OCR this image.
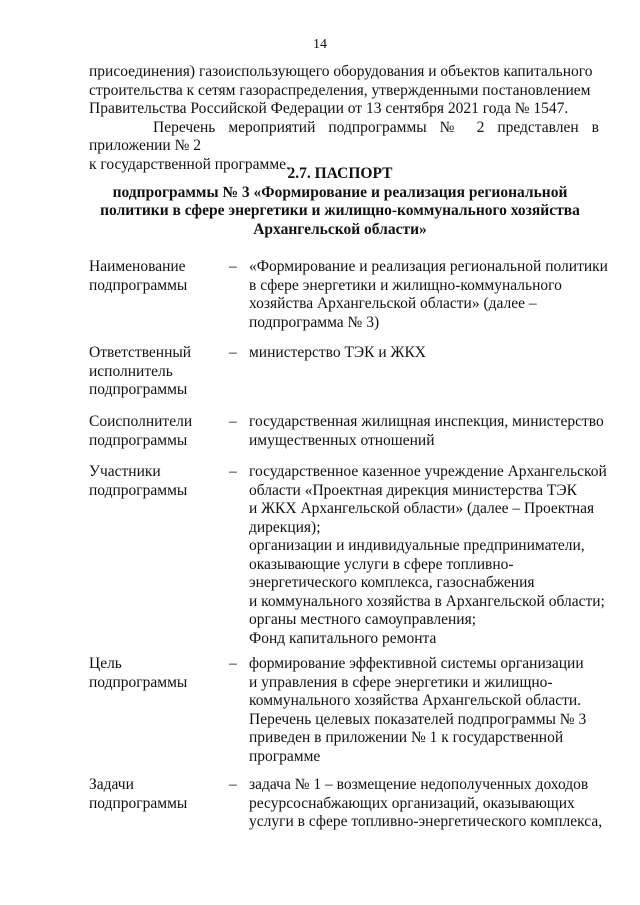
14

присоединения) газоиспользующего оборудования и объектов капитального
строительства к сетям газораспределения, утвержденными постановлением
Правительства Российской Федерации от 13 сентября 2021 года № 1547.

Перечень мероприятий подпрограммы № 2 представлен в приложении № 2
к государственной программе.

2.7. ПАСПОРТ
подпрограммы № 3 «Формирование и реализация региональной
политики в сфере энергетики и жилищно-коммунального хозяйства
Архангельской области»
Наименование
подпрограммы
– «Формирование и реализация региональной политики
в сфере энергетики и жилищно-коммунального
хозяйства Архангельской области» (далее –
подпрограмма № 3)
Ответственный
исполнитель
подпрограммы
– министерство ТЭК и ЖКХ
Соисполнители
подпрограммы
– государственная жилищная инспекция, министерство
имущественных отношений
Участники
подпрограммы
– государственное казенное учреждение Архангельской
области «Проектная дирекция министерства ТЭК
и ЖКХ Архангельской области» (далее – Проектная
дирекция);
организации и индивидуальные предприниматели,
оказывающие услуги в сфере топливно-
энергетического комплекса, газоснабжения
и коммунального хозяйства в Архангельской области;
органы местного самоуправления;
Фонд капитального ремонта
Цель
подпрограммы
– формирование эффективной системы организации
и управления в сфере энергетики и жилищно-
коммунального хозяйства Архангельской области.
Перечень целевых показателей подпрограммы № 3
приведен в приложении № 1 к государственной
программе
Задачи
подпрограммы
– задача № 1 – возмещение недополученных доходов
ресурсоснабжающих организаций, оказывающих
услуги в сфере топливно-энергетического комплекса,
